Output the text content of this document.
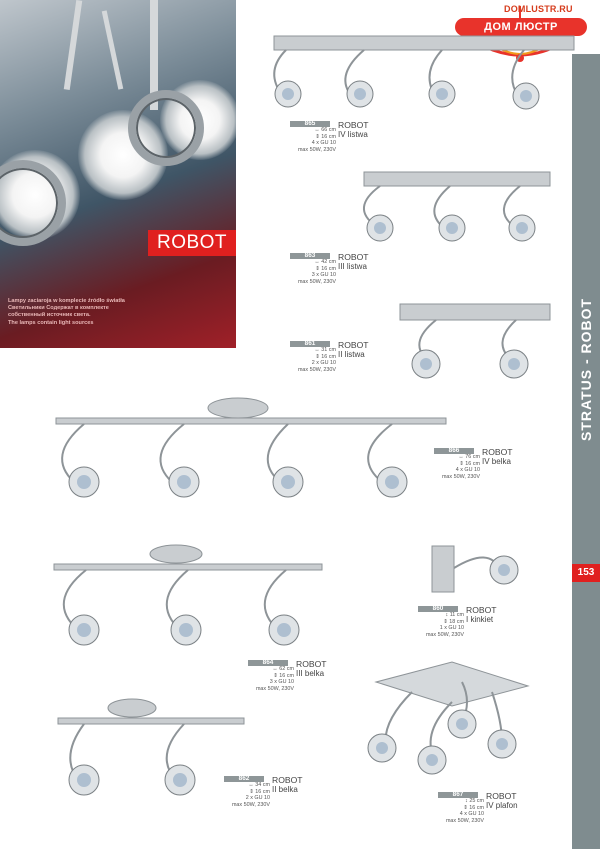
ROBOT
Lampy zaciaroja w komplecie źródło światła
Светильники Содержат в комплекте
собственный источник света.
The lamps contain light sources
DOMLUSTR.RU
ДОМ ЛЮСТР
STRATUS - ROBOT
153
865	ROBOT
IV listwa
↔ 66 cm
⇕ 16 cm
4 x GU 10
max 50W, 230V
863	ROBOT
III listwa
↔ 42 cm
⇕ 16 cm
3 x GU 10
max 50W, 230V
861	ROBOT
II listwa
↔ 31 cm
⇕ 16 cm
2 x GU 10
max 50W, 230V
866	ROBOT
IV belka
↔ 76 cm
⇕ 16 cm
4 x GU 10
max 50W, 230V
860	ROBOT
I kinkiet
↕ 11 cm
⇕ 18 cm
1 x GU 10
max 50W, 230V
864	ROBOT
III belka
↔ 62 cm
⇕ 16 cm
3 x GU 10
max 50W, 230V
862	ROBOT
II belka
↔ 34 cm
⇕ 16 cm
2 x GU 10
max 50W, 230V
867	ROBOT
IV plafon
↕ 25 cm
⇕ 16 cm
4 x GU 10
max 50W, 230V
